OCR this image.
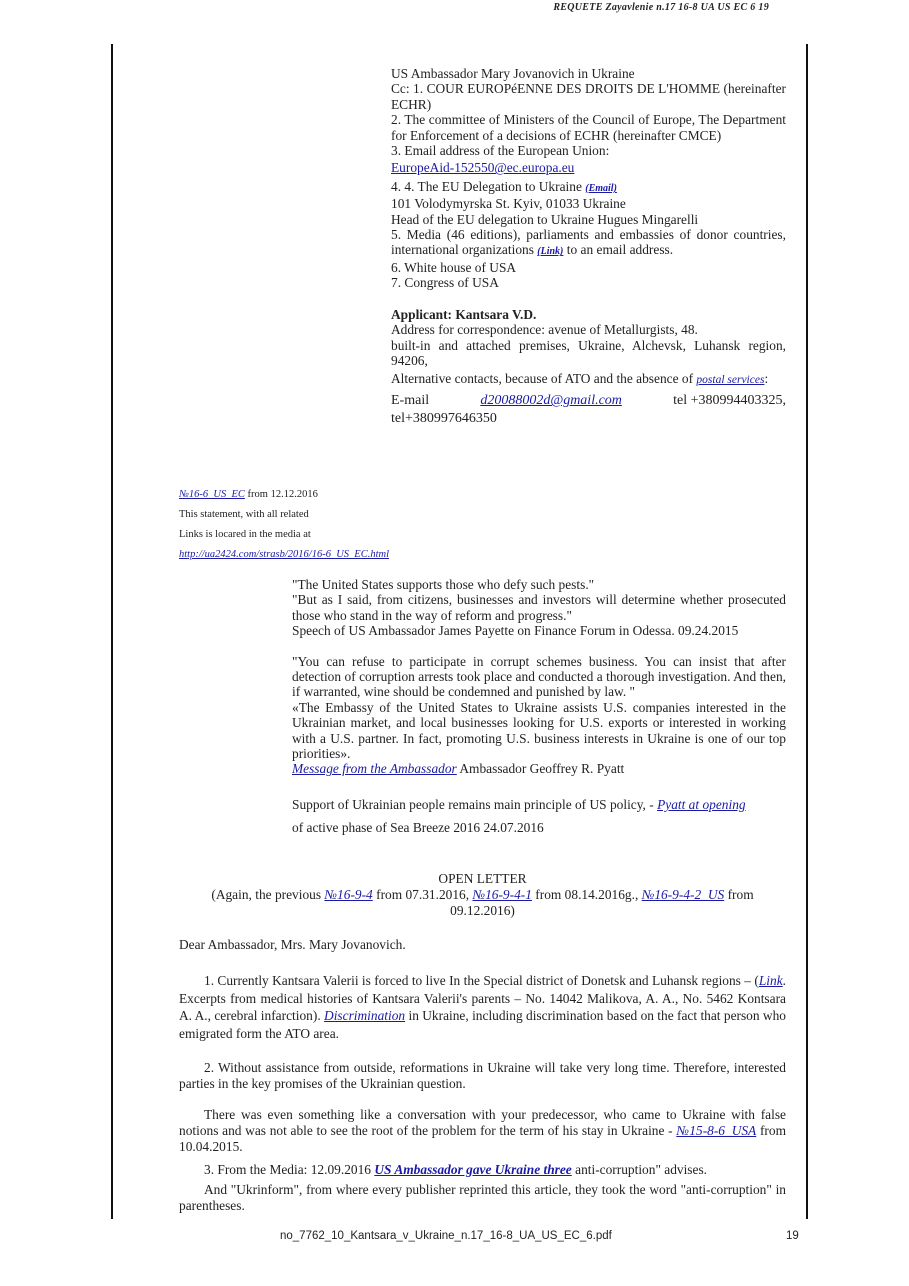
REQUETE Zayavlenie n.17 16-8 UA US EC 6 19
US Ambassador Mary Jovanovich in Ukraine
Cc: 1. COUR EUROPéENNE DES DROITS DE L'HOMME (hereinafter ECHR)
2. The committee of Ministers of the Council of Europe, The Department for Enforcement of a decisions of ECHR (hereinafter CMCE)
3. Email address of the European Union:
EuropeAid-152550@ec.europa.eu
4. 4. The EU Delegation to Ukraine (Email)
101 Volodymyrska St. Kyiv, 01033 Ukraine
Head of the EU delegation to Ukraine Hugues Mingarelli
5. Media (46 editions), parliaments and embassies of donor countries, international organizations (Link) to an email address.
6. White house of USA
7. Congress of USA
Applicant: Kantsara V.D.
Address for correspondence: avenue of Metallurgists, 48.
built-in and attached premises, Ukraine, Alchevsk, Luhansk region, 94206,
Alternative contacts, because of ATO and the absence of postal services:
E-mail	d20088002d@gmail.com	tel +380994403325,
tel+380997646350
№16-6_US_EC from 12.12.2016
This statement, with all related
Links is locared in the media at
http://ua2424.com/strasb/2016/16-6_US_EC.html
"The United States supports those who defy such pests."
"But as I said, from citizens, businesses and investors will determine whether prosecuted those who stand in the way of reform and progress."
Speech of US Ambassador James Payette on Finance Forum in Odessa. 09.24.2015
"You can refuse to participate in corrupt schemes business. You can insist that after detection of corruption arrests took place and conducted a thorough investigation. And then, if warranted, wine should be condemned and punished by law. "
«The Embassy of the United States to Ukraine assists U.S. companies interested in the Ukrainian market, and local businesses looking for U.S. exports or interested in working with a U.S. partner. In fact, promoting U.S. business interests in Ukraine is one of our top priorities».
Message from the Ambassador Ambassador Geoffrey R. Pyatt
Support of Ukrainian people remains main principle of US policy, - Pyatt at opening
of active phase of Sea Breeze 2016 24.07.2016
OPEN LETTER
(Again, the previous №16-9-4 from 07.31.2016, №16-9-4-1 from 08.14.2016g., №16-9-4-2_US from 09.12.2016)
Dear Ambassador, Mrs. Mary Jovanovich.
1. Currently Kantsara Valerii is forced to live In the Special district of Donetsk and Luhansk regions – (Link. Excerpts from medical histories of Kantsara Valerii's parents – No. 14042 Malikova, A. A., No. 5462 Kontsara A. A., cerebral infarction). Discrimination in Ukraine, including discrimination based on the fact that person who emigrated form the ATO area.
2. Without assistance from outside, reformations in Ukraine will take very long time. Therefore, interested parties in the key promises of the Ukrainian question.
There was even something like a conversation with your predecessor, who came to Ukraine with false notions and was not able to see the root of the problem for the term of his stay in Ukraine - №15-8-6_USA from 10.04.2015.
3. From the Media: 12.09.2016 US Ambassador gave Ukraine three anti-corruption" advises.
And "Ukrinform", from where every publisher reprinted this article, they took the word "anti-corruption" in parentheses.
no_7762_10_Kantsara_v_Ukraine_n.17_16-8_UA_US_EC_6.pdf	19
